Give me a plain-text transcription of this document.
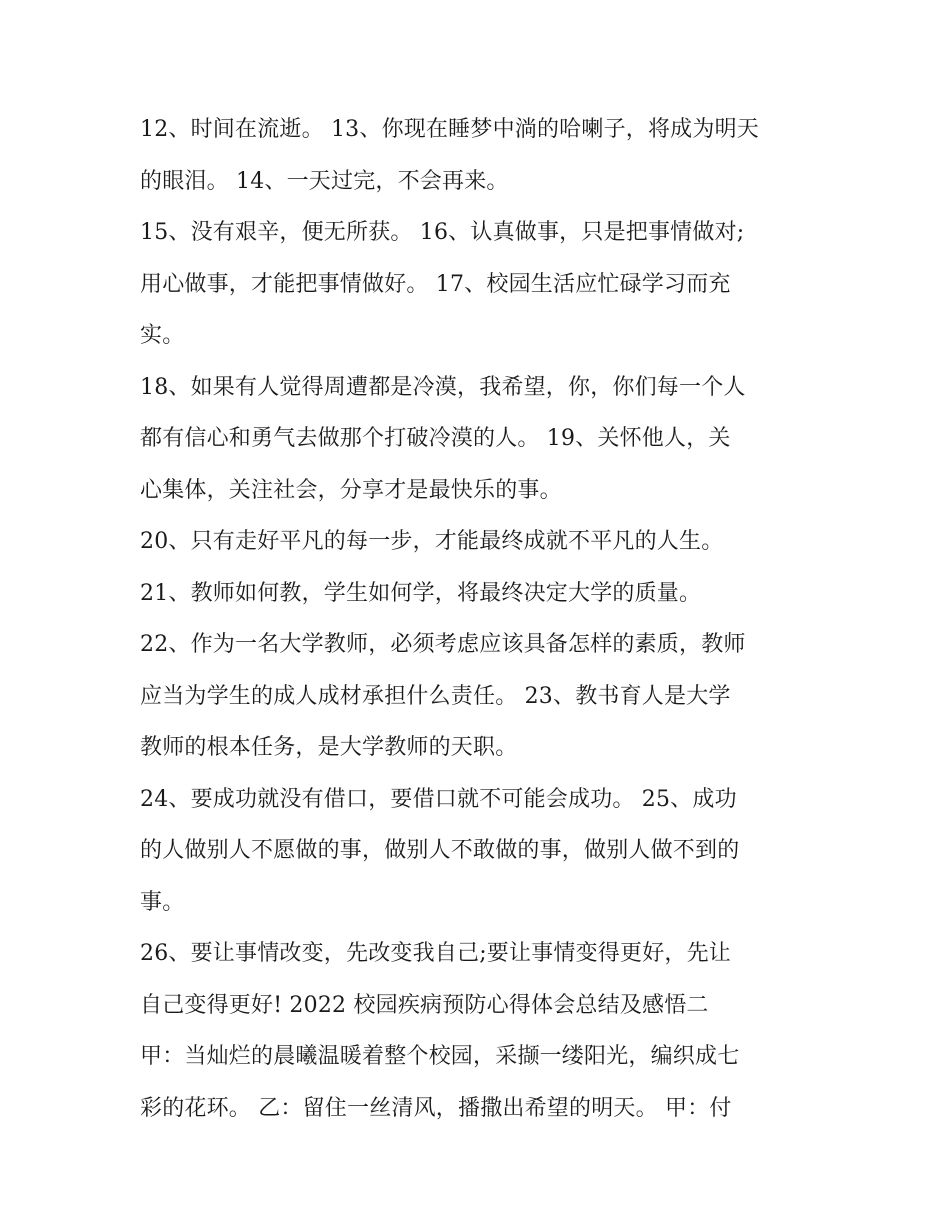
12、时间在流逝。 13、你现在睡梦中淌的哈喇子，将成为明天
的眼泪。 14、一天过完，不会再来。
15、没有艰辛，便无所获。 16、认真做事，只是把事情做对;
用心做事，才能把事情做好。 17、校园生活应忙碌学习而充
实。
18、如果有人觉得周遭都是冷漠，我希望，你，你们每一个人
都有信心和勇气去做那个打破冷漠的人。 19、关怀他人，关
心集体，关注社会，分享才是最快乐的事。
20、只有走好平凡的每一步，才能最终成就不平凡的人生。
21、教师如何教，学生如何学，将最终决定大学的质量。
22、作为一名大学教师，必须考虑应该具备怎样的素质，教师
应当为学生的成人成材承担什么责任。 23、教书育人是大学
教师的根本任务，是大学教师的天职。
24、要成功就没有借口，要借口就不可能会成功。 25、成功
的人做别人不愿做的事，做别人不敢做的事，做别人做不到的
事。
26、要让事情改变，先改变我自己;要让事情变得更好，先让
自己变得更好! 2022 校园疾病预防心得体会总结及感悟二
甲：当灿烂的晨曦温暖着整个校园，采撷一缕阳光，编织成七
彩的花环。 乙：留住一丝清风，播撒出希望的明天。 甲：付
